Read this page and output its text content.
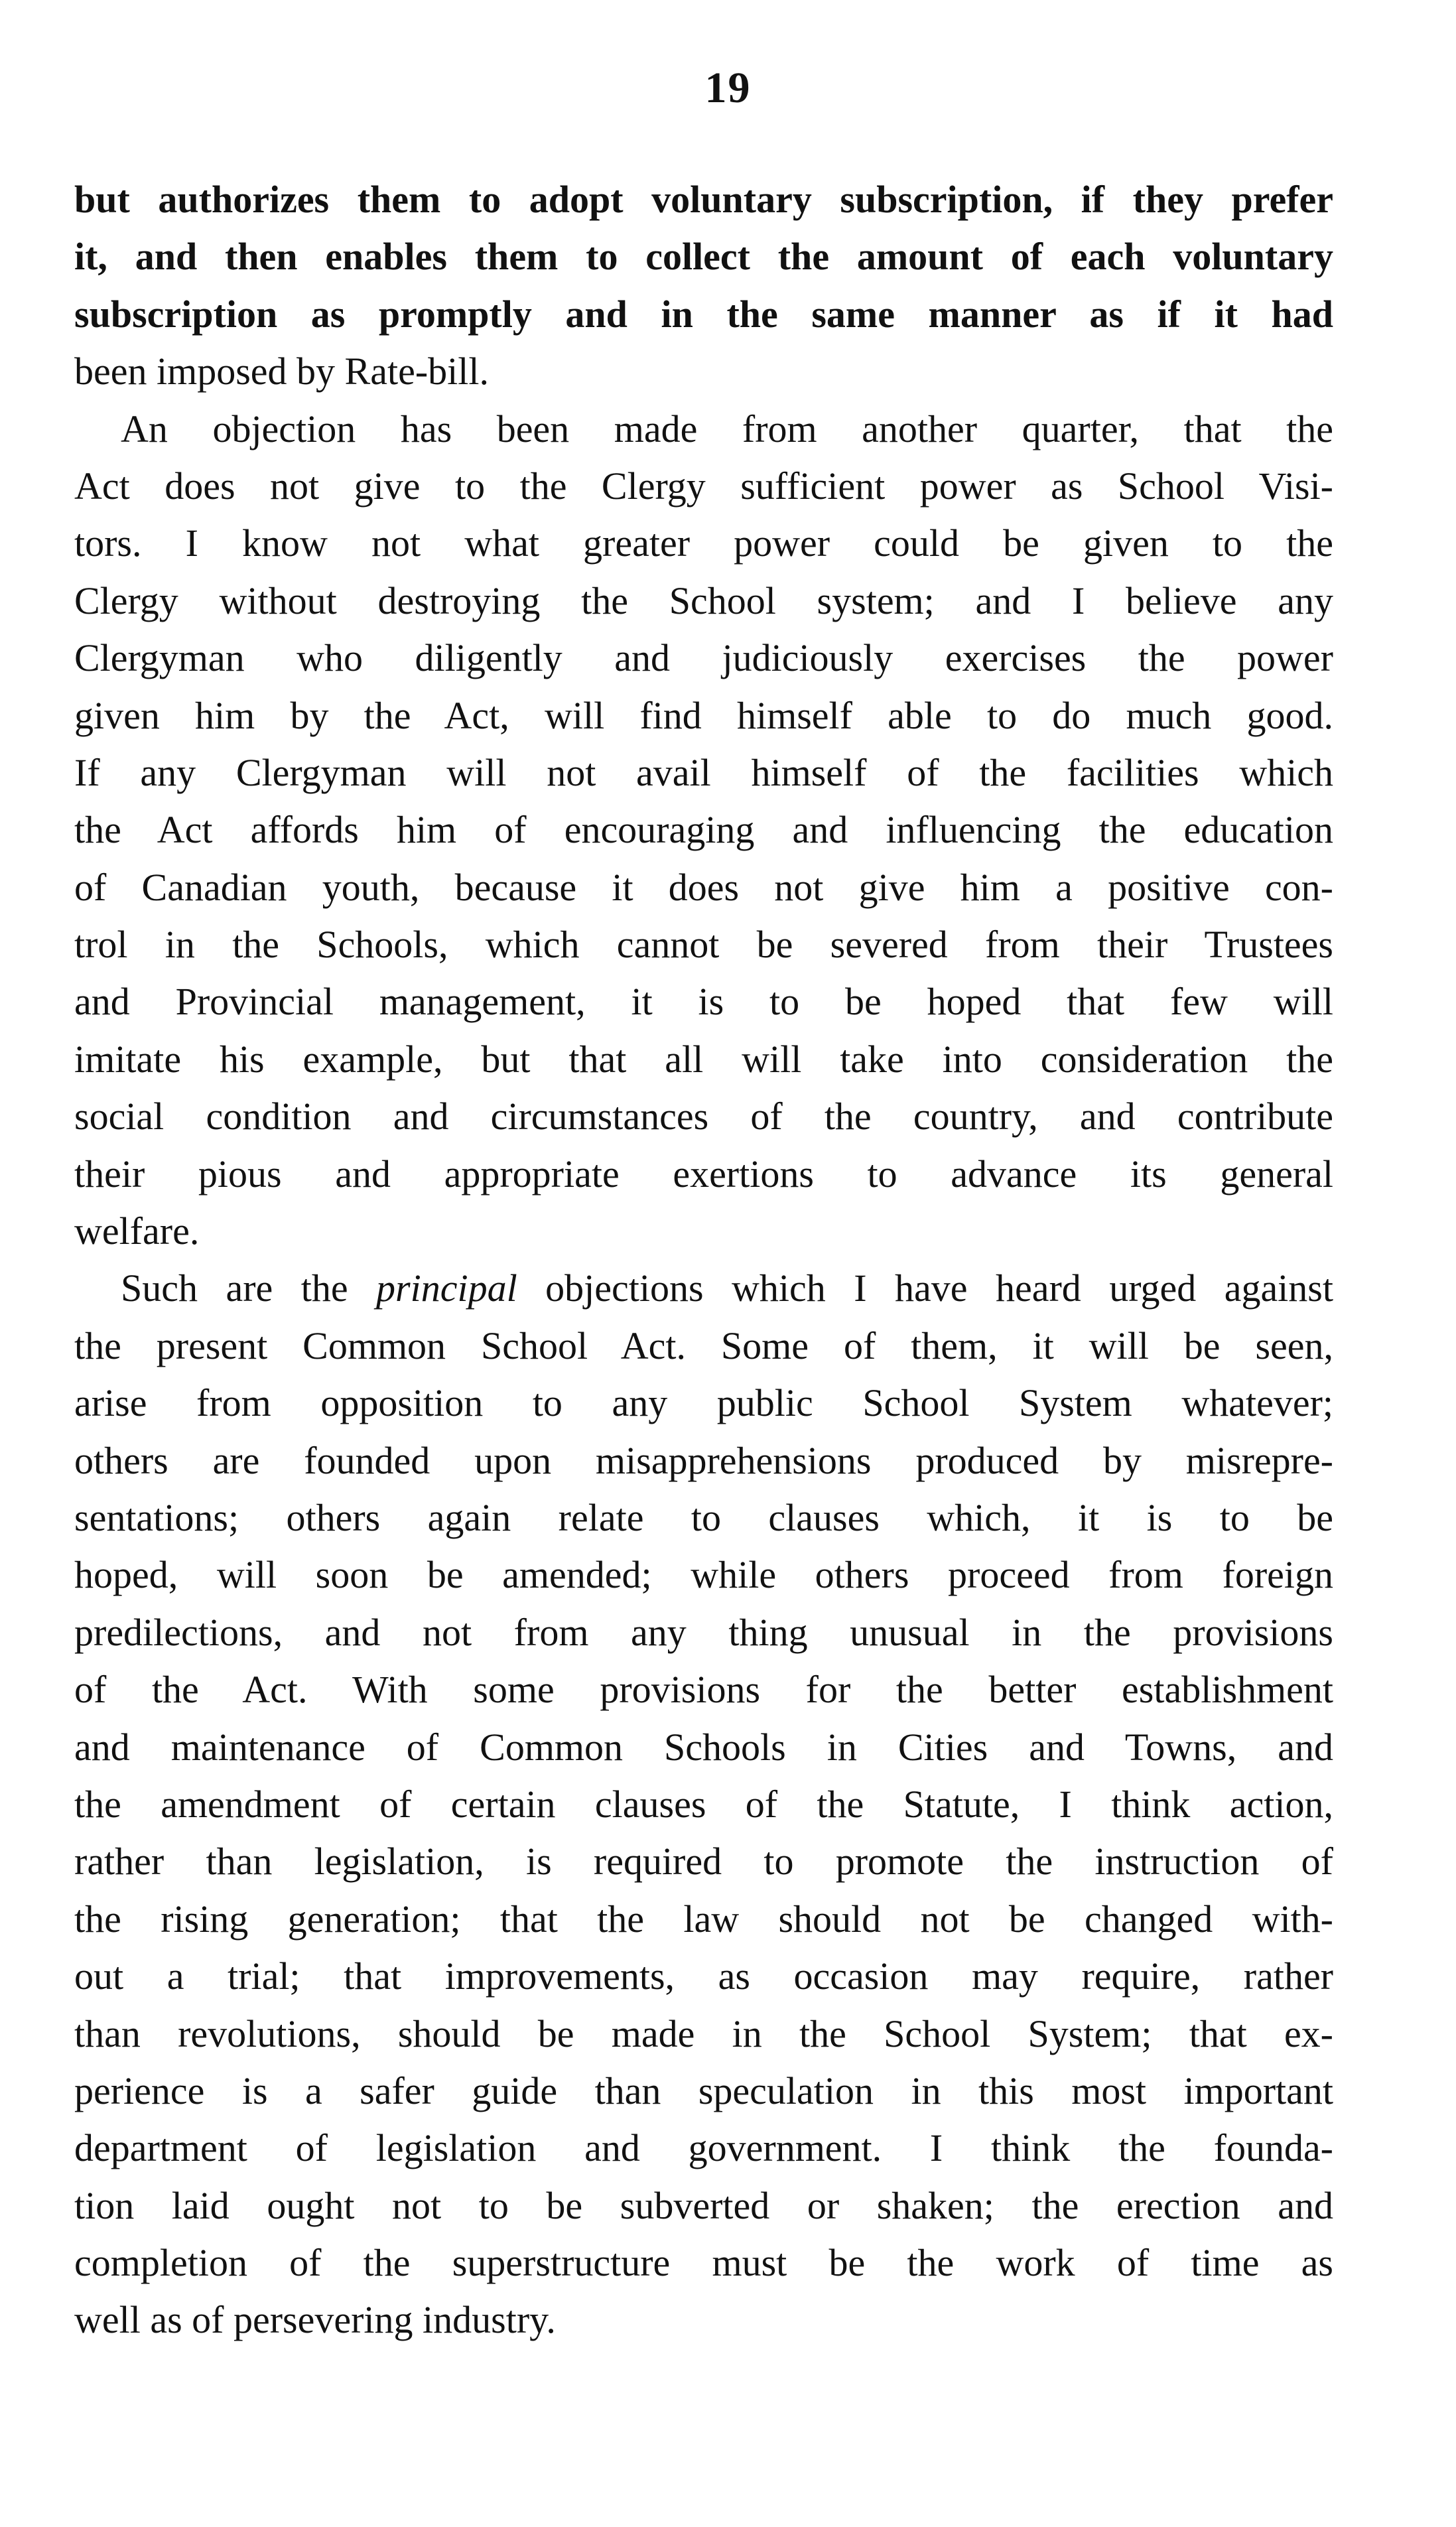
19
but authorizes them to adopt voluntary subscription, if they prefer
it, and then enables them to collect the amount of each voluntary
subscription as promptly and in the same manner as if it had
been imposed by Rate-bill.
An objection has been made from another quarter, that the
Act does not give to the Clergy sufficient power as School Visi-
tors. I know not what greater power could be given to the
Clergy without destroying the School system; and I believe any
Clergyman who diligently and judiciously exercises the power
given him by the Act, will find himself able to do much good.
If any Clergyman will not avail himself of the facilities which
the Act affords him of encouraging and influencing the education
of Canadian youth, because it does not give him a positive con-
trol in the Schools, which cannot be severed from their Trustees
and Provincial management, it is to be hoped that few will
imitate his example, but that all will take into consideration the
social condition and circumstances of the country, and contribute
their pious and appropriate exertions to advance its general
welfare.
Such are the principal objections which I have heard urged against
the present Common School Act. Some of them, it will be seen,
arise from opposition to any public School System whatever;
others are founded upon misapprehensions produced by misrepre-
sentations; others again relate to clauses which, it is to be
hoped, will soon be amended; while others proceed from foreign
predilections, and not from any thing unusual in the provisions
of the Act. With some provisions for the better establishment
and maintenance of Common Schools in Cities and Towns, and
the amendment of certain clauses of the Statute, I think action,
rather than legislation, is required to promote the instruction of
the rising generation; that the law should not be changed with-
out a trial; that improvements, as occasion may require, rather
than revolutions, should be made in the School System; that ex-
perience is a safer guide than speculation in this most important
department of legislation and government. I think the founda-
tion laid ought not to be subverted or shaken; the erection and
completion of the superstructure must be the work of time as
well as of persevering industry.
